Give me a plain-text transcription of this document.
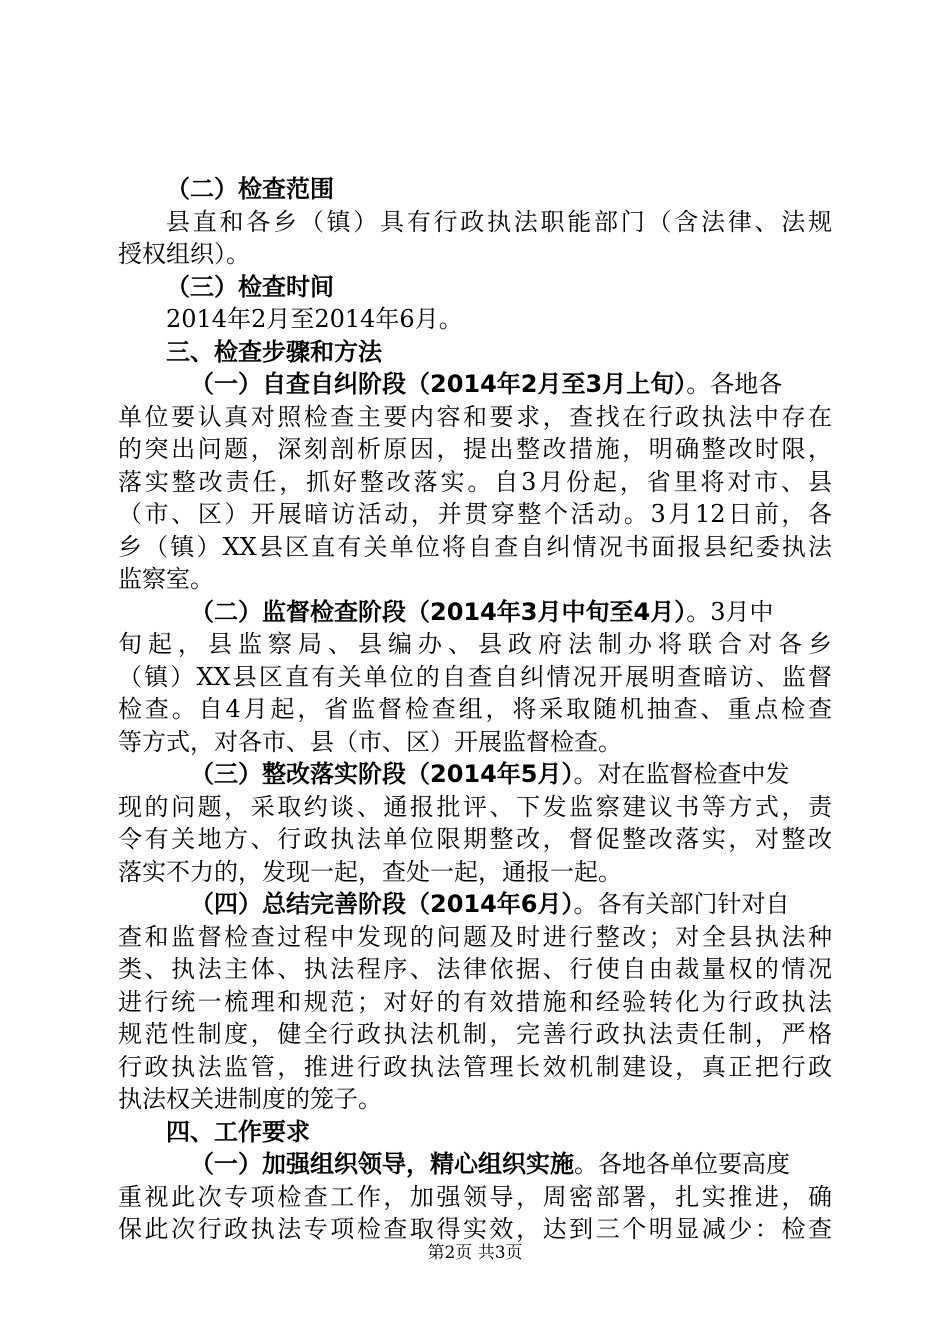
（二）检查范围
县直和各乡（镇）具有行政执法职能部门（含法律、法规
授权组织）。
（三）检查时间
2014年2月至2014年6月。
三、检查步骤和方法
（一）自查自纠阶段（2014年2月至3月上旬）。各地各
单位要认真对照检查主要内容和要求，查找在行政执法中存在
的突出问题，深刻剖析原因，提出整改措施，明确整改时限，
落实整改责任，抓好整改落实。自3月份起，省里将对市、县
（市、区）开展暗访活动，并贯穿整个活动。3月12日前，各
乡（镇）XX县区直有关单位将自查自纠情况书面报县纪委执法
监察室。
（二）监督检查阶段（2014年3月中旬至4月）。3月中
旬起，县监察局、县编办、县政府法制办将联合对各乡
（镇）XX县区直有关单位的自查自纠情况开展明查暗访、监督
检查。自4月起，省监督检查组，将采取随机抽查、重点检查
等方式，对各市、县（市、区）开展监督检查。
（三）整改落实阶段（2014年5月）。对在监督检查中发
现的问题，采取约谈、通报批评、下发监察建议书等方式，责
令有关地方、行政执法单位限期整改，督促整改落实，对整改
落实不力的，发现一起，查处一起，通报一起。
（四）总结完善阶段（2014年6月）。各有关部门针对自
查和监督检查过程中发现的问题及时进行整改；对全县执法种
类、执法主体、执法程序、法律依据、行使自由裁量权的情况
进行统一梳理和规范；对好的有效措施和经验转化为行政执法
规范性制度，健全行政执法机制，完善行政执法责任制，严格
行政执法监管，推进行政执法管理长效机制建设，真正把行政
执法权关进制度的笼子。
四、工作要求
（一）加强组织领导，精心组织实施。各地各单位要高度
重视此次专项检查工作，加强领导，周密部署，扎实推进，确
保此次行政执法专项检查取得实效，达到三个明显减少：检查
第2页 共3页
